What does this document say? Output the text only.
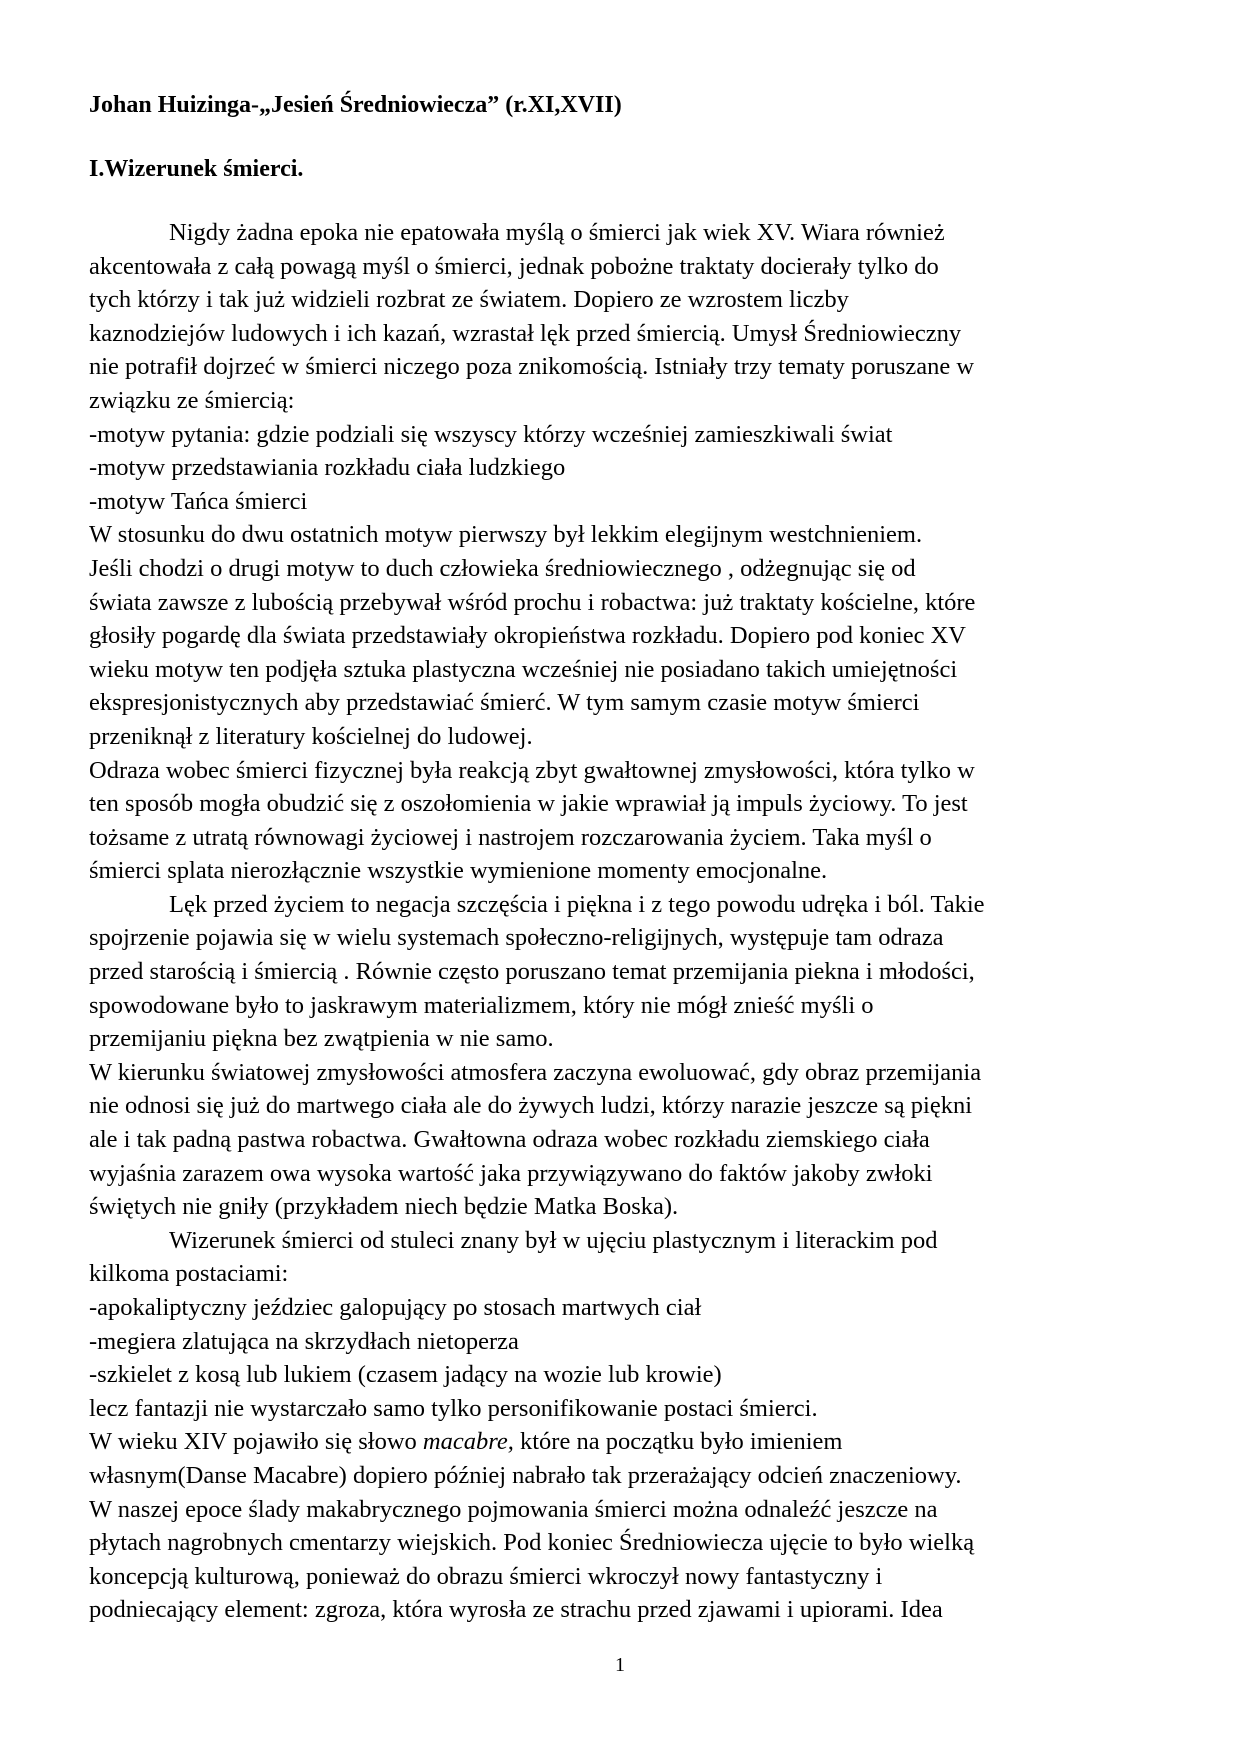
Johan Huizinga-„Jesień Średniowiecza” (r.XI,XVII)
I.Wizerunek śmierci.
Nigdy żadna epoka nie epatowała myślą o śmierci jak wiek XV. Wiara również
akcentowała z całą powagą myśl o śmierci, jednak pobożne traktaty docierały tylko do
tych którzy i tak już widzieli rozbrat ze światem. Dopiero ze wzrostem liczby
kaznodziejów ludowych i ich kazań, wzrastał lęk przed śmiercią. Umysł Średniowieczny
nie potrafił dojrzeć w śmierci niczego poza znikomością. Istniały trzy tematy poruszane w
związku ze śmiercią:
-motyw pytania: gdzie podziali się wszyscy którzy wcześniej zamieszkiwali świat
-motyw przedstawiania rozkładu ciała ludzkiego
-motyw Tańca śmierci
W stosunku do dwu ostatnich motyw pierwszy był lekkim elegijnym westchnieniem.
Jeśli chodzi o drugi motyw to duch człowieka średniowiecznego , odżegnując się od
świata zawsze z lubością przebywał wśród prochu i robactwa: już traktaty kościelne, które
głosiły pogardę dla świata przedstawiały okropieństwa rozkładu. Dopiero pod koniec XV
wieku motyw ten podjęła sztuka plastyczna wcześniej nie posiadano takich umiejętności
ekspresjonistycznych aby przedstawiać śmierć. W tym samym czasie motyw śmierci
przeniknął z literatury kościelnej do ludowej.
Odraza wobec śmierci fizycznej była reakcją zbyt gwałtownej zmysłowości, która tylko w
ten sposób mogła obudzić się z oszołomienia w jakie wprawiał ją impuls życiowy. To jest
tożsame z utratą równowagi życiowej i nastrojem rozczarowania życiem. Taka myśl o
śmierci splata nierozłącznie wszystkie wymienione momenty emocjonalne.
Lęk przed życiem to negacja szczęścia i piękna i z tego powodu udręka i ból. Takie
spojrzenie pojawia się w wielu systemach społeczno-religijnych, występuje tam odraza
przed starością i śmiercią . Równie często poruszano temat przemijania piekna i młodości,
spowodowane było to jaskrawym materializmem, który nie mógł znieść myśli o
przemijaniu piękna bez zwątpienia w nie samo.
W kierunku światowej zmysłowości atmosfera zaczyna ewoluować, gdy obraz przemijania
nie odnosi się już do martwego ciała ale do żywych ludzi, którzy narazie jeszcze są piękni
ale i tak padną pastwa robactwa. Gwałtowna odraza wobec rozkładu ziemskiego ciała
wyjaśnia zarazem owa wysoka wartość jaka przywiązywano do faktów jakoby zwłoki
świętych nie gniły (przykładem niech będzie Matka Boska).
Wizerunek śmierci od stuleci znany był w ujęciu plastycznym i literackim pod
kilkoma postaciami:
-apokaliptyczny jeździec galopujący po stosach martwych ciał
-megiera zlatująca na skrzydłach nietoperza
-szkielet z kosą lub lukiem (czasem jadący na wozie lub krowie)
lecz fantazji nie wystarczało samo tylko personifikowanie postaci śmierci.
W wieku XIV pojawiło się słowo macabre, które na początku było imieniem
własnym(Danse Macabre) dopiero później nabrało tak przerażający odcień znaczeniowy.
W naszej epoce ślady makabrycznego pojmowania śmierci można odnaleźć jeszcze na
płytach nagrobnych cmentarzy wiejskich. Pod koniec Średniowiecza ujęcie to było wielką
koncepcją kulturową, ponieważ do obrazu śmierci wkroczył nowy fantastyczny i
podniecający element: zgroza, która wyrosła ze strachu przed zjawami i upiorami. Idea
1
